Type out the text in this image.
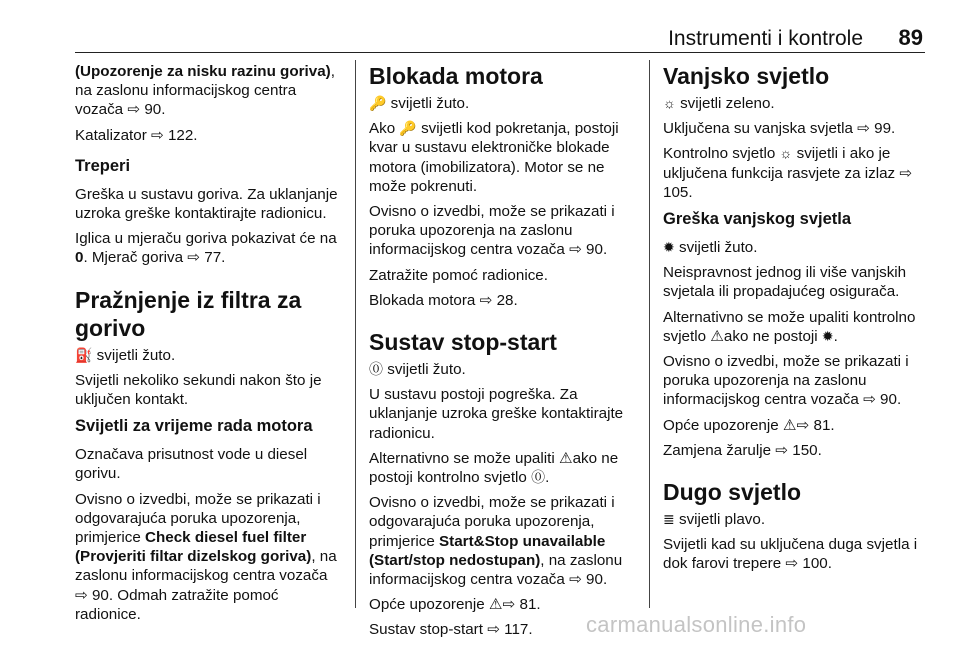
Instrumenti i kontrole 89

(Upozorenje za nisku razinu goriva), na zaslonu informacijskog centra vozača ⇨ 90.

Katalizator ⇨ 122.

Treperi

Greška u sustavu goriva. Za uklanjanje uzroka greške kontaktirajte radionicu.

Iglica u mjeraču goriva pokazivat će na 0. Mjerač goriva ⇨ 77.

Pražnjenje iz filtra za gorivo

⛽ svijetli žuto.

Svijetli nekoliko sekundi nakon što je uključen kontakt.

Svijetli za vrijeme rada motora

Označava prisutnost vode u diesel gorivu.

Ovisno o izvedbi, može se prikazati i odgovarajuća poruka upozorenja, primjerice Check diesel fuel filter (Provjeriti filtar dizelskog goriva), na zaslonu informacijskog centra vozača ⇨ 90. Odmah zatražite pomoć radionice.

Blokada motora

🔑 svijetli žuto.

Ako 🔑 svijetli kod pokretanja, postoji kvar u sustavu elektroničke blokade motora (imobilizatora). Motor se ne može pokrenuti.

Ovisno o izvedbi, može se prikazati i poruka upozorenja na zaslonu informacijskog centra vozača ⇨ 90.

Zatražite pomoć radionice.

Blokada motora ⇨ 28.

Sustav stop-start

⓪ svijetli žuto.

U sustavu postoji pogreška. Za uklanjanje uzroka greške kontaktirajte radionicu.

Alternativno se može upaliti ⚠ako ne postoji kontrolno svjetlo ⓪.

Ovisno o izvedbi, može se prikazati i odgovarajuća poruka upozorenja, primjerice Start&Stop unavailable (Start/stop nedostupan), na zaslonu informacijskog centra vozača ⇨ 90.

Opće upozorenje ⚠⇨ 81.

Sustav stop-start ⇨ 117.

Vanjsko svjetlo

☼ svijetli zeleno.

Uključena su vanjska svjetla ⇨ 99.

Kontrolno svjetlo ☼ svijetli i ako je uključena funkcija rasvjete za izlaz ⇨ 105.

Greška vanjskog svjetla

✹ svijetli žuto.

Neispravnost jednog ili više vanjskih svjetala ili propadajućeg osigurača.

Alternativno se može upaliti kontrolno svjetlo ⚠ako ne postoji ✹.

Ovisno o izvedbi, može se prikazati i poruka upozorenja na zaslonu informacijskog centra vozača ⇨ 90.

Opće upozorenje ⚠⇨ 81.

Zamjena žarulje ⇨ 150.

Dugo svjetlo

≣ svijetli plavo.

Svijetli kad su uključena duga svjetla i dok farovi trepere ⇨ 100.

carmanualsonline.info
